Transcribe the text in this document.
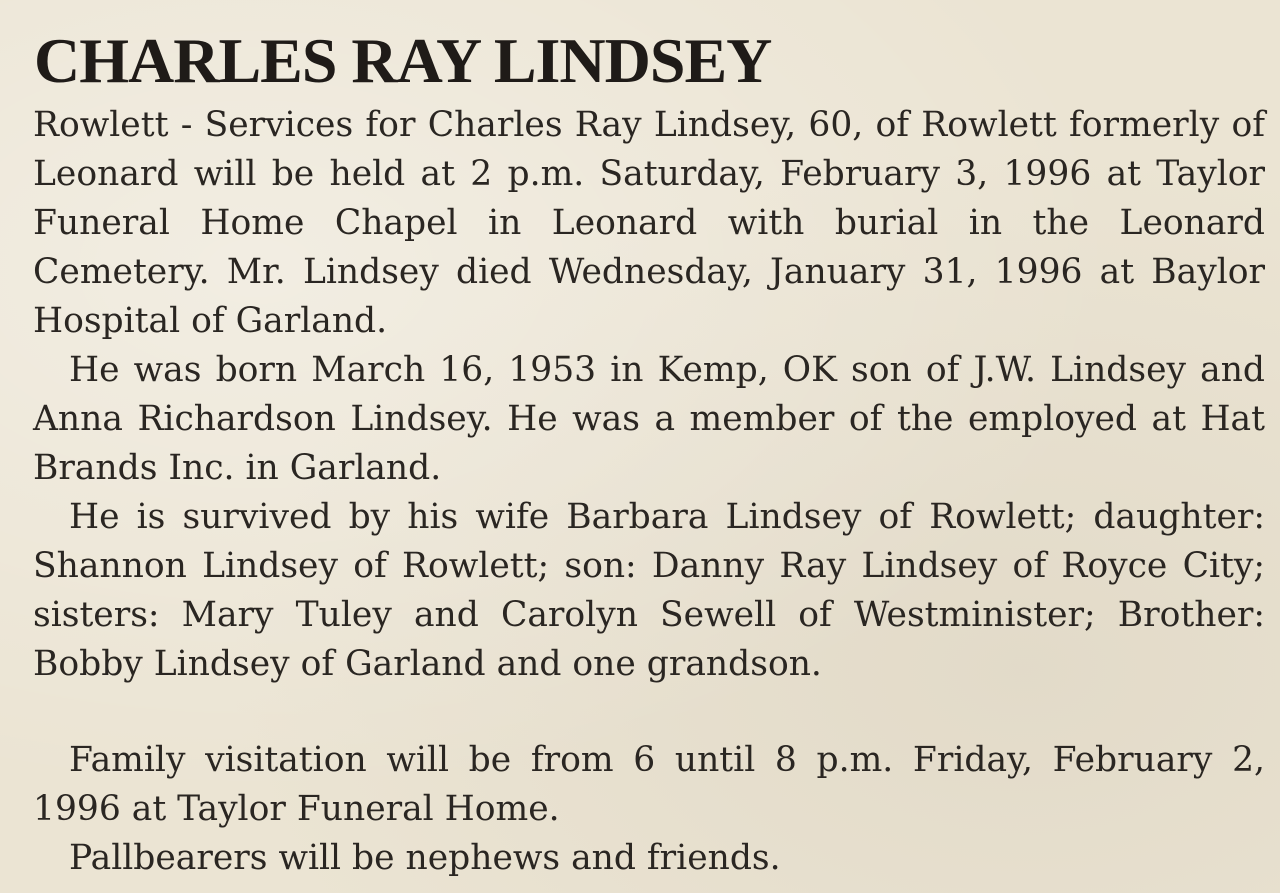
CHARLES RAY LINDSEY

Rowlett - Services for Charles Ray Lindsey, 60, of Rowlett formerly of Leonard will be held at 2 p.m. Saturday, February 3, 1996 at Taylor Funeral Home Chapel in Leonard with burial in the Leonard Cemetery. Mr. Lindsey died Wednesday, January 31, 1996 at Baylor Hospital of Garland.

He was born March 16, 1953 in Kemp, OK son of J.W. Lindsey and Anna Richardson Lindsey. He was a member of the employed at Hat Brands Inc. in Garland.

He is survived by his wife Barbara Lindsey of Rowlett; daughter: Shannon Lindsey of Rowlett; son: Danny Ray Lindsey of Royce City; sisters: Mary Tuley and Carolyn Sewell of Westminister; Brother: Bobby Lindsey of Garland and one grandson.

Family visitation will be from 6 until 8 p.m. Friday, February 2, 1996 at Taylor Funeral Home.

Pallbearers will be nephews and friends.
